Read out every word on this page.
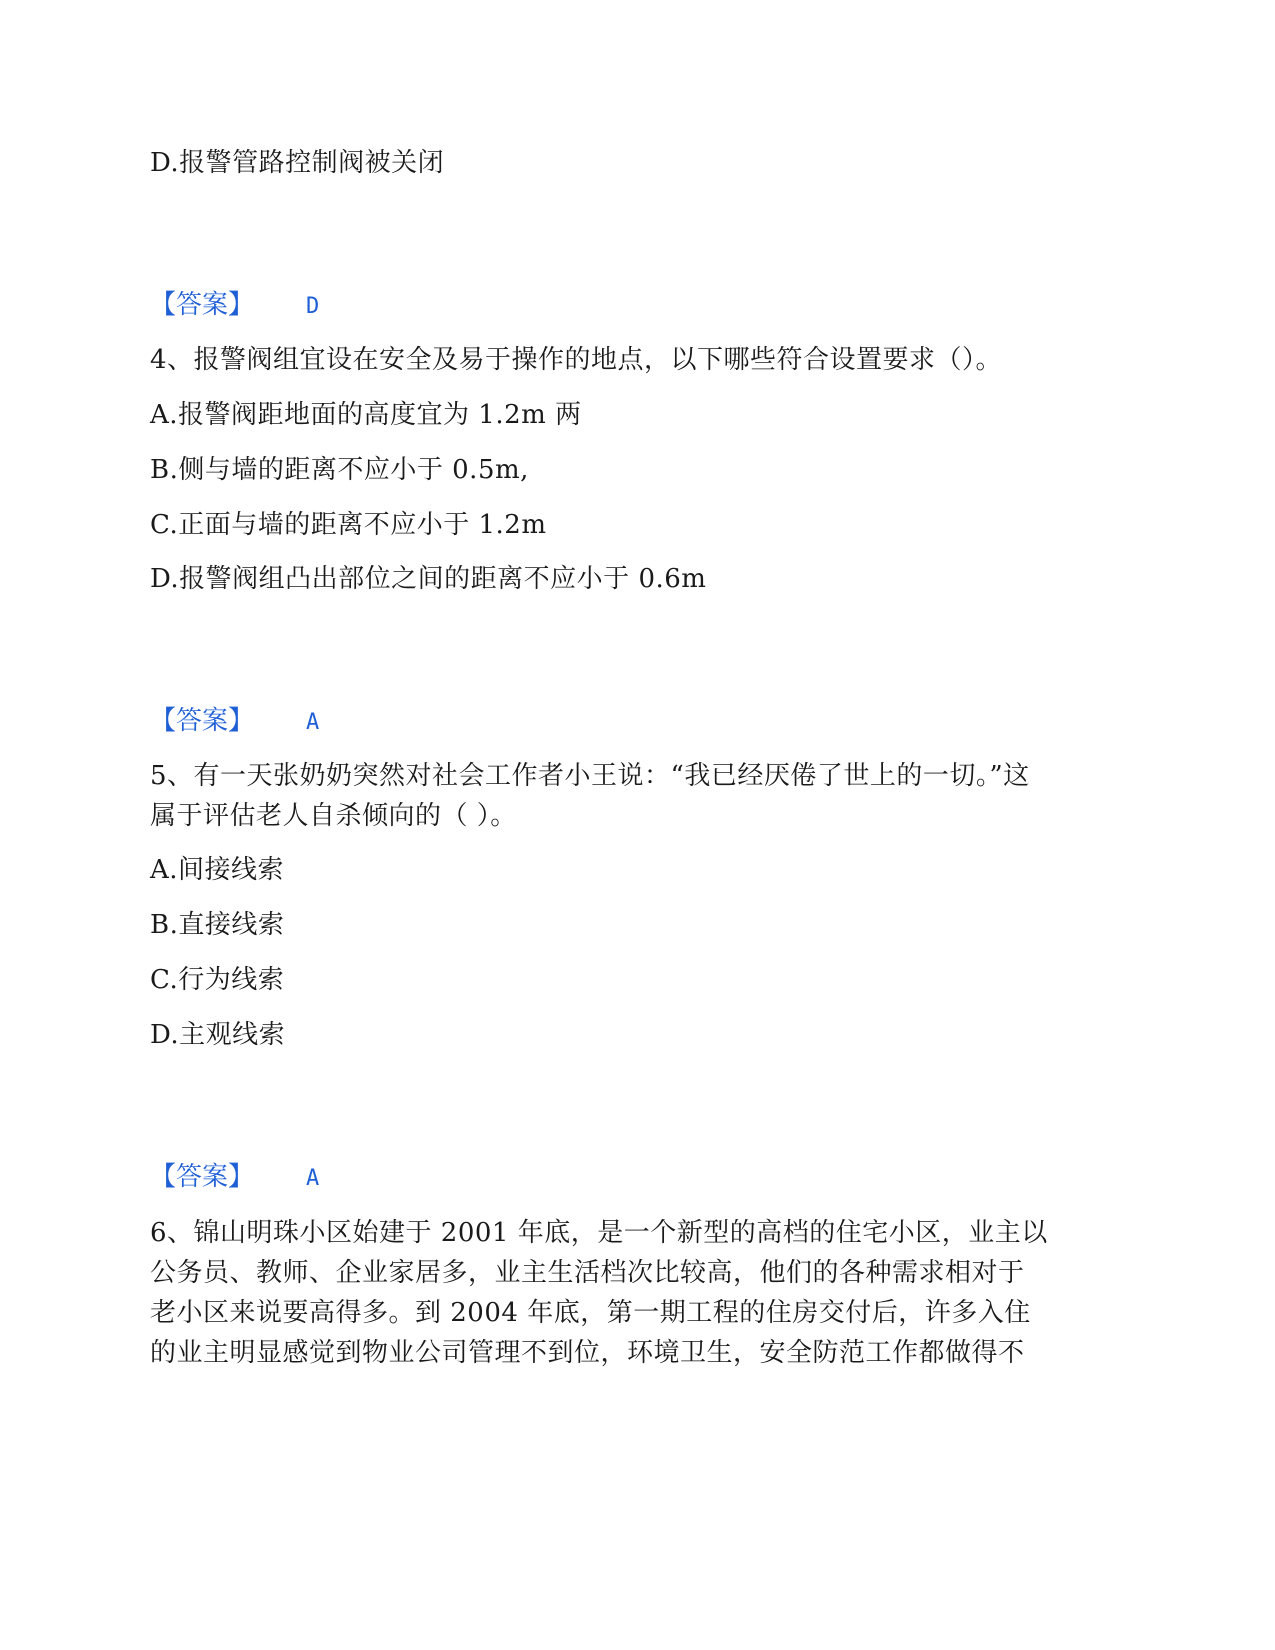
D.报警管路控制阀被关闭
【答案】 D
4、报警阀组宜设在安全及易于操作的地点，以下哪些符合设置要求（）。
A.报警阀距地面的高度宜为 1.2m 两
B.侧与墙的距离不应小于 0.5m,
C.正面与墙的距离不应小于 1.2m
D.报警阀组凸出部位之间的距离不应小于 0.6m
【答案】 A
5、有一天张奶奶突然对社会工作者小王说：“我已经厌倦了世上的一切。”这
属于评估老人自杀倾向的（ ）。
A.间接线索
B.直接线索
C.行为线索
D.主观线索
【答案】 A
6、锦山明珠小区始建于 2001 年底，是一个新型的高档的住宅小区，业主以
公务员、教师、企业家居多，业主生活档次比较高，他们的各种需求相对于
老小区来说要高得多。到 2004 年底，第一期工程的住房交付后，许多入住
的业主明显感觉到物业公司管理不到位，环境卫生，安全防范工作都做得不
